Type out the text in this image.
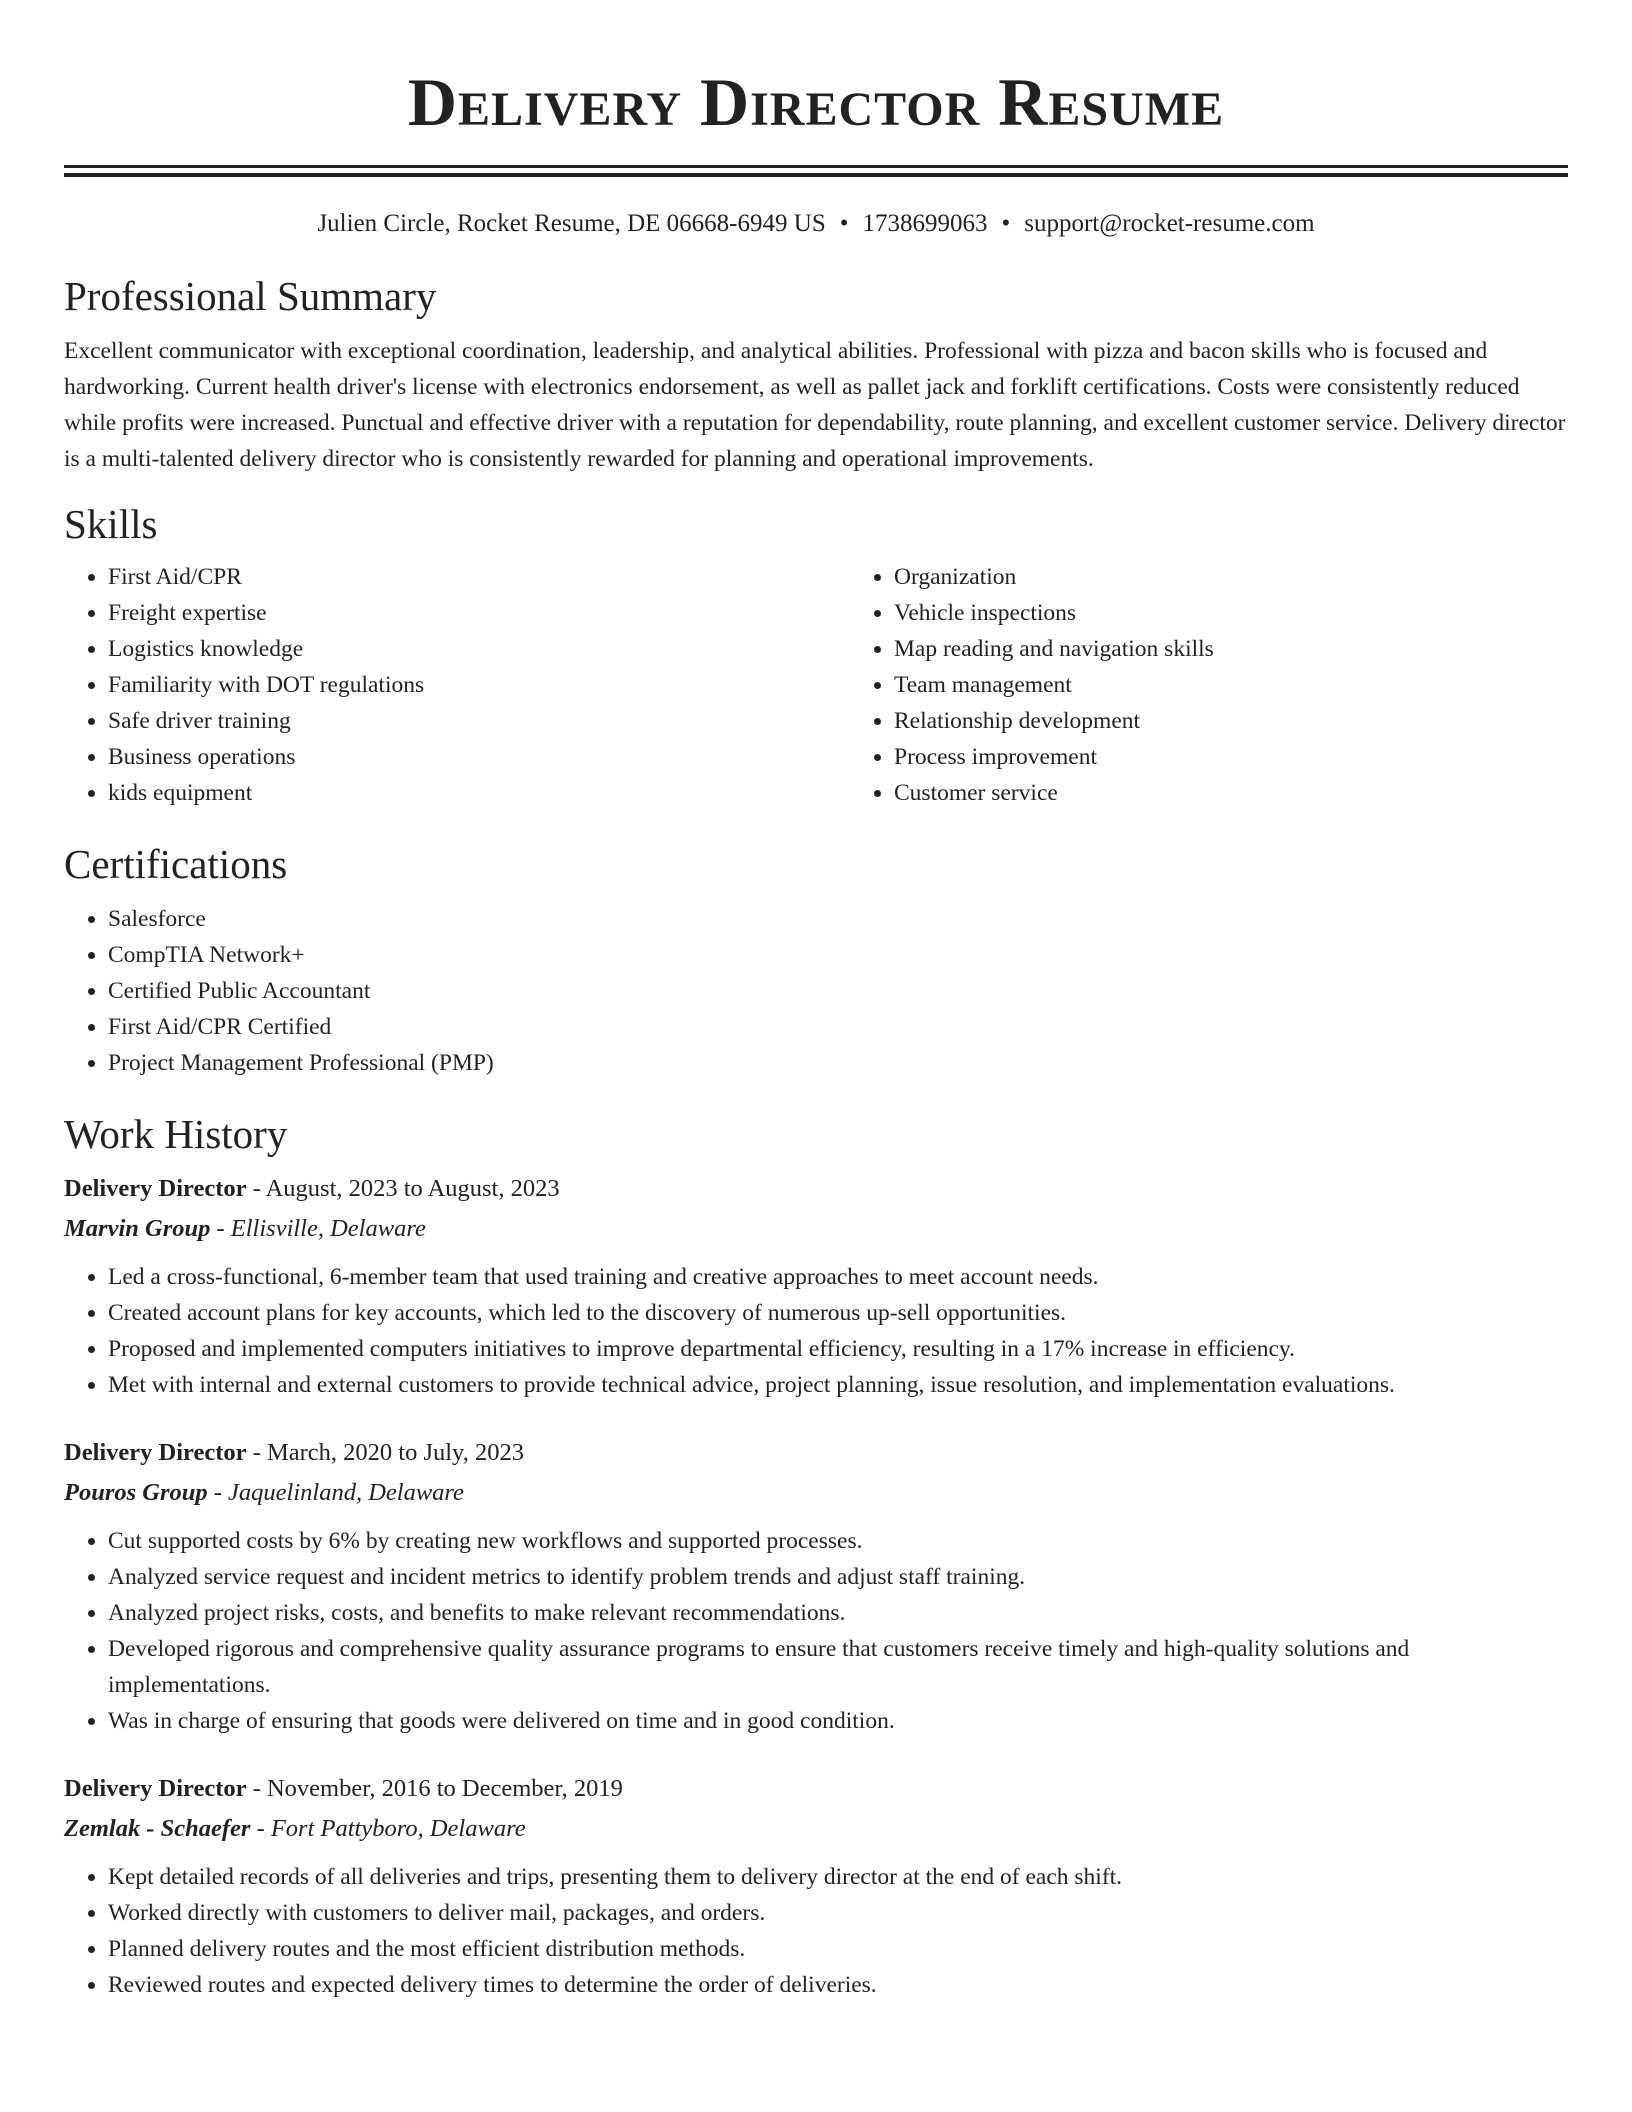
Delivery Director Resume
Julien Circle, Rocket Resume, DE 06668-6949 US • 1738699063 • support@rocket-resume.com
Professional Summary

Excellent communicator with exceptional coordination, leadership, and analytical abilities. Professional with pizza and bacon skills who is focused and hardworking. Current health driver's license with electronics endorsement, as well as pallet jack and forklift certifications. Costs were consistently reduced while profits were increased. Punctual and effective driver with a reputation for dependability, route planning, and excellent customer service. Delivery director is a multi-talented delivery director who is consistently rewarded for planning and operational improvements.

Skills
• First Aid/CPR
• Freight expertise
• Logistics knowledge
• Familiarity with DOT regulations
• Safe driver training
• Business operations
• kids equipment
• Organization
• Vehicle inspections
• Map reading and navigation skills
• Team management
• Relationship development
• Process improvement
• Customer service
Certifications
• Salesforce
• CompTIA Network+
• Certified Public Accountant
• First Aid/CPR Certified
• Project Management Professional (PMP)
Work History
Delivery Director - August, 2023 to August, 2023
Marvin Group - Ellisville, Delaware
• Led a cross-functional, 6-member team that used training and creative approaches to meet account needs.
• Created account plans for key accounts, which led to the discovery of numerous up-sell opportunities.
• Proposed and implemented computers initiatives to improve departmental efficiency, resulting in a 17% increase in efficiency.
• Met with internal and external customers to provide technical advice, project planning, issue resolution, and implementation evaluations.
Delivery Director - March, 2020 to July, 2023
Pouros Group - Jaquelinland, Delaware
• Cut supported costs by 6% by creating new workflows and supported processes.
• Analyzed service request and incident metrics to identify problem trends and adjust staff training.
• Analyzed project risks, costs, and benefits to make relevant recommendations.
• Developed rigorous and comprehensive quality assurance programs to ensure that customers receive timely and high-quality solutions and implementations.
• Was in charge of ensuring that goods were delivered on time and in good condition.
Delivery Director - November, 2016 to December, 2019
Zemlak - Schaefer - Fort Pattyboro, Delaware
• Kept detailed records of all deliveries and trips, presenting them to delivery director at the end of each shift.
• Worked directly with customers to deliver mail, packages, and orders.
• Planned delivery routes and the most efficient distribution methods.
• Reviewed routes and expected delivery times to determine the order of deliveries.
